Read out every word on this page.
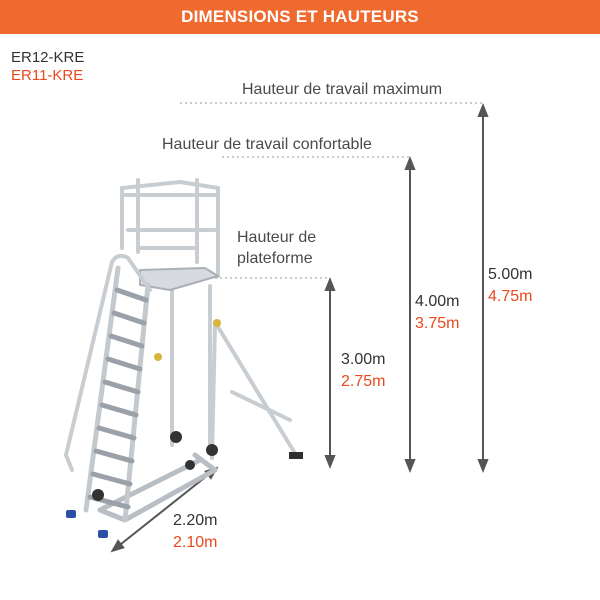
DIMENSIONS ET HAUTEURS
ER12-KRE
ER11-KRE
Hauteur de travail maximum
Hauteur de travail confortable
Hauteur de
plateforme
5.00m
4.75m
4.00m
3.75m
3.00m
2.75m
2.20m
2.10m
